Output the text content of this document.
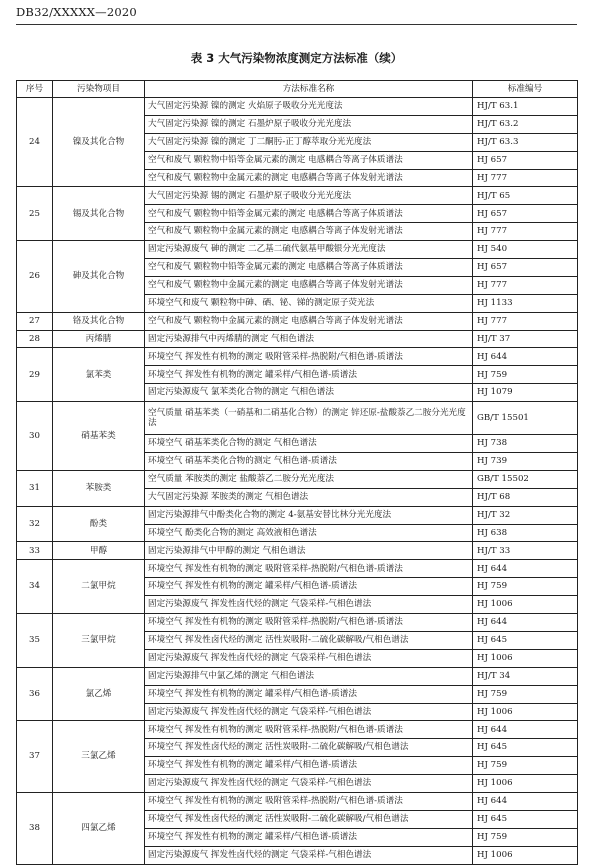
DB32/XXXXX—2020
表 3 大气污染物浓度测定方法标准（续）
序号	污染物项目	方法标准名称	标准编号
24	镍及其化合物	大气固定污染源 镍的测定 火焰原子吸收分光光度法	HJ/T 63.1
		大气固定污染源 镍的测定 石墨炉原子吸收分光光度法	HJ/T 63.2
		大气固定污染源 镍的测定 丁二酮肟-正丁醇萃取分光光度法	HJ/T 63.3
		空气和废气 颗粒物中铅等金属元素的测定 电感耦合等离子体质谱法	HJ 657
		空气和废气 颗粒物中金属元素的测定 电感耦合等离子体发射光谱法	HJ 777
25	锡及其化合物	大气固定污染源 锡的测定 石墨炉原子吸收分光光度法	HJ/T 65
		空气和废气 颗粒物中铅等金属元素的测定 电感耦合等离子体质谱法	HJ 657
		空气和废气 颗粒物中金属元素的测定 电感耦合等离子体发射光谱法	HJ 777
26	砷及其化合物	固定污染源废气 砷的测定 二乙基二硫代氨基甲酸银分光光度法	HJ 540
		空气和废气 颗粒物中铅等金属元素的测定 电感耦合等离子体质谱法	HJ 657
		空气和废气 颗粒物中金属元素的测定 电感耦合等离子体发射光谱法	HJ 777
		环境空气和废气 颗粒物中砷、硒、铋、锑的测定原子荧光法	HJ 1133
27	铬及其化合物	空气和废气 颗粒物中金属元素的测定 电感耦合等离子体发射光谱法	HJ 777
28	丙烯腈	固定污染源排气中丙烯腈的测定 气相色谱法	HJ/T 37
29	氯苯类	环境空气 挥发性有机物的测定 吸附管采样-热脱附/气相色谱-质谱法	HJ 644
		环境空气 挥发性有机物的测定 罐采样/气相色谱-质谱法	HJ 759
		固定污染源废气 氯苯类化合物的测定 气相色谱法	HJ 1079
30	硝基苯类	空气质量 硝基苯类（一硝基和二硝基化合物）的测定 锌还原-盐酸萘乙二胺分光光度法	GB/T 15501
		环境空气 硝基苯类化合物的测定 气相色谱法	HJ 738
		环境空气 硝基苯类化合物的测定 气相色谱-质谱法	HJ 739
31	苯胺类	空气质量 苯胺类的测定 盐酸萘乙二胺分光光度法	GB/T 15502
		大气固定污染源 苯胺类的测定 气相色谱法	HJ/T 68
32	酚类	固定污染源排气中酚类化合物的测定 4-氨基安替比林分光光度法	HJ/T 32
		环境空气 酚类化合物的测定 高效液相色谱法	HJ 638
33	甲醇	固定污染源排气中甲醇的测定 气相色谱法	HJ/T 33
34	二氯甲烷	环境空气 挥发性有机物的测定 吸附管采样-热脱附/气相色谱-质谱法	HJ 644
		环境空气 挥发性有机物的测定 罐采样/气相色谱-质谱法	HJ 759
		固定污染源废气 挥发性卤代烃的测定 气袋采样-气相色谱法	HJ 1006
35	三氯甲烷	环境空气 挥发性有机物的测定 吸附管采样-热脱附/气相色谱-质谱法	HJ 644
		环境空气 挥发性卤代烃的测定 活性炭吸附-二硫化碳解吸/气相色谱法	HJ 645
		固定污染源废气 挥发性卤代烃的测定 气袋采样-气相色谱法	HJ 1006
36	氯乙烯	固定污染源排气中氯乙烯的测定 气相色谱法	HJ/T 34
		环境空气 挥发性有机物的测定 罐采样/气相色谱-质谱法	HJ 759
		固定污染源废气 挥发性卤代烃的测定 气袋采样-气相色谱法	HJ 1006
37	三氯乙烯	环境空气 挥发性有机物的测定 吸附管采样-热脱附/气相色谱-质谱法	HJ 644
		环境空气 挥发性卤代烃的测定 活性炭吸附-二硫化碳解吸/气相色谱法	HJ 645
		环境空气 挥发性有机物的测定 罐采样/气相色谱-质谱法	HJ 759
		固定污染源废气 挥发性卤代烃的测定 气袋采样-气相色谱法	HJ 1006
38	四氯乙烯	环境空气 挥发性有机物的测定 吸附管采样-热脱附/气相色谱-质谱法	HJ 644
		环境空气 挥发性卤代烃的测定 活性炭吸附-二硫化碳解吸/气相色谱法	HJ 645
		环境空气 挥发性有机物的测定 罐采样/气相色谱-质谱法	HJ 759
		固定污染源废气 挥发性卤代烃的测定 气袋采样-气相色谱法	HJ 1006
